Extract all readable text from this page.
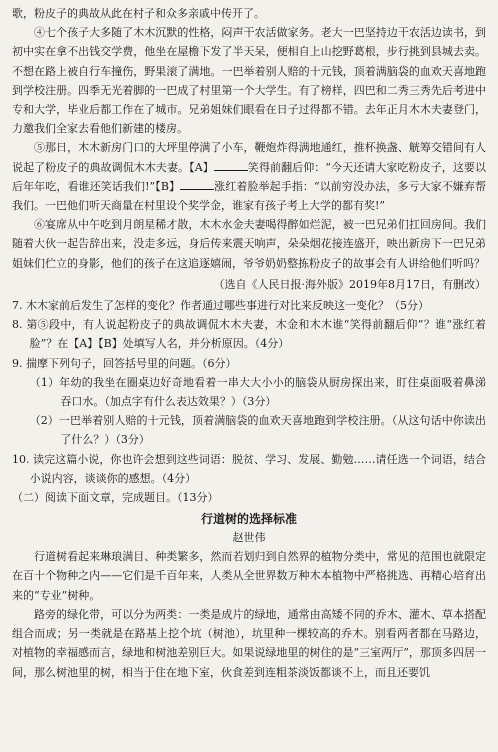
歌，粉皮子的典故从此在村子和众多亲戚中传开了。

④七个孩子大多随了木木沉默的性格，闷声干农活做家务。老大一巴坚持边干农活边读书，到初中实在拿不出钱交学费，他坐在屋檐下发了半天呆，便相自上山挖野葛根，步行挑到县城去卖。不想在路上被自行车撞伤，野果滚了满地。一巴举着别人赔的十元钱，顶着满脑袋的血欢天喜地跑到学校注册。四季无光着脚的一巴成了村里第一个大学生。有了榜样，四巴和二秀三秀先后考进中专和大学，毕业后都工作在了城市。兄弟姐妹们眼看在日子过得都不错。去年正月木木夫妻登门，力邀我们全家去看他们新建的楼房。

⑤那日，木木新房门口的大坪里停满了小车，鞭炮炸得满地通红，推杯换盏、觥筹交错间有人说起了粉皮子的典故调侃木木夫妻。【A】	笑得前翻后仰：“今天还请大家吃粉皮子，这要以后年年吃，看谁还笑话我们!”【B】	涨红着脸举起手指：“以前穷没办法，多亏大家不嫌弃帮我们。一巴他们听天商量在村里设个奖学金，谁家有孩子考上大学的都有奖!”

⑥宴席从中午吃到月朗星稀才散，木木水金夫妻喝得醉如烂泥，被一巴兄弟们扛回房间。我们随着大伙一起告辞出来，没走多远，身后传来震天响声，朵朵烟花接连盛开，映出新房下一巴兄弟姐妹们伫立的身影，他们的孩子在这追逐嬉闹，爷爷奶奶整拣粉皮子的故事会有人讲给他们听吗？

（选自《人民日报·海外版》2019年8月17日，有删改）

7. 木木家前后发生了怎样的变化？作者通过哪些事进行对比来反映这一变化？（5分）

8. 第⑤段中，有人说起粉皮子的典故调侃木木夫妻，木金和木木谁“笑得前翻后仰”？谁“涨红着脸”？在【A】【B】处填写人名，并分析原因。（4分）

9. 揣摩下列句子，回答括号里的问题。（6分）

（1）年幼的我坐在圈桌边好奇地看着一串大大小小的脑袋从厨房探出来，盯住桌面吸着鼻涕吞口水。（加点字有什么表达效果？）（3分）

（2）一巴举着别人赔的十元钱，顶着满脑袋的血欢天喜地跑到学校注册。（从这句话中你读出了什么？）（3分）

10. 读完这篇小说，你也许会想到这些词语：脱贫、学习、发展、勤勉……请任选一个词语，结合小说内容，谈谈你的感想。（4分）

（二）阅读下面文章，完成题目。（13分）

行道树的选择标准
赵世伟

行道树看起来琳琅满目、种类繁多，然而若划归到自然界的植物分类中，常见的范围也就限定在百十个物种之内——它们是千百年来，人类从全世界数万种木本植物中严格挑选、再精心培育出来的“专业”树种。

路旁的绿化带，可以分为两类：一类是成片的绿地，通常由高矮不同的乔木、灌木、草本搭配组合而成；另一类就是在路基上挖个坑（树池），坑里种一棵较高的乔木。别看两者都在马路边，对植物的幸福感而言，绿地和树池差别巨大。如果说绿地里的树住的是“三室两厅”，那顶多四居一间，那么树池里的树，相当于住在地下室，伙食差到连粗茶淡饭都谈不上，而且还要饥
